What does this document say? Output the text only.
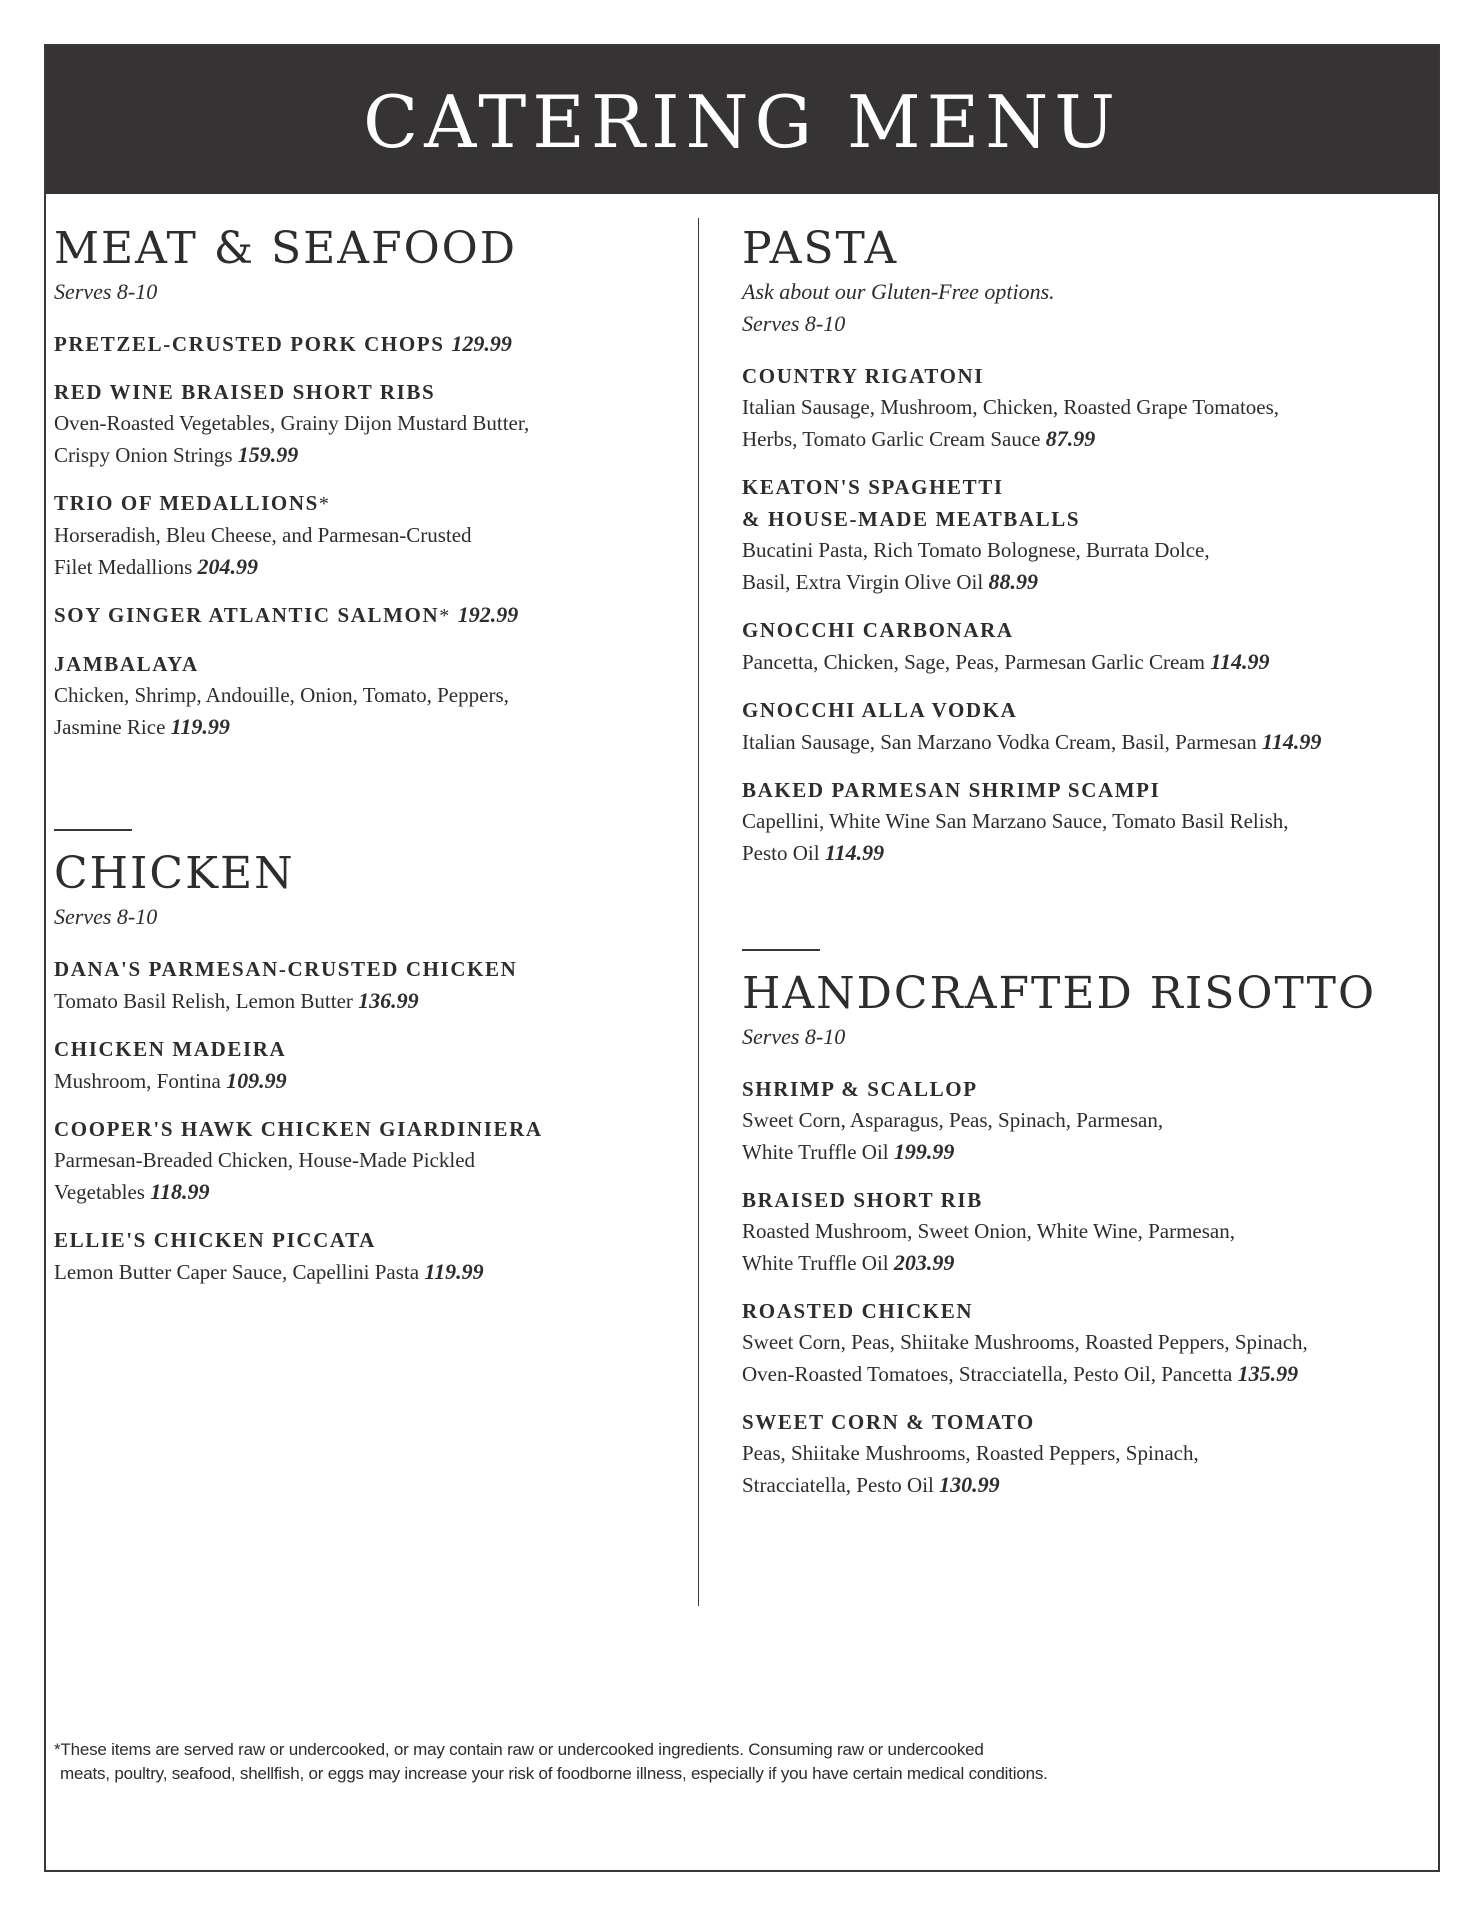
CATERING MENU
MEAT & SEAFOOD

Serves 8-10

PRETZEL-CRUSTED PORK CHOPS 129.99
RED WINE BRAISED SHORT RIBS
Oven-Roasted Vegetables, Grainy Dijon Mustard Butter,
Crispy Onion Strings 159.99
TRIO OF MEDALLIONS*
Horseradish, Bleu Cheese, and Parmesan-Crusted
Filet Medallions 204.99
SOY GINGER ATLANTIC SALMON* 192.99
JAMBALAYA
Chicken, Shrimp, Andouille, Onion, Tomato, Peppers,
Jasmine Rice 119.99
CHICKEN

Serves 8-10

DANA'S PARMESAN-CRUSTED CHICKEN
Tomato Basil Relish, Lemon Butter 136.99
CHICKEN MADEIRA
Mushroom, Fontina 109.99
COOPER'S HAWK CHICKEN GIARDINIERA
Parmesan-Breaded Chicken, House-Made Pickled
Vegetables 118.99
ELLIE'S CHICKEN PICCATA
Lemon Butter Caper Sauce, Capellini Pasta 119.99
PASTA

Ask about our Gluten-Free options.

Serves 8-10

COUNTRY RIGATONI
Italian Sausage, Mushroom, Chicken, Roasted Grape Tomatoes,
Herbs, Tomato Garlic Cream Sauce 87.99
KEATON'S SPAGHETTI
& HOUSE-MADE MEATBALLS
Bucatini Pasta, Rich Tomato Bolognese, Burrata Dolce,
Basil, Extra Virgin Olive Oil 88.99
GNOCCHI CARBONARA
Pancetta, Chicken, Sage, Peas, Parmesan Garlic Cream 114.99
GNOCCHI ALLA VODKA
Italian Sausage, San Marzano Vodka Cream, Basil, Parmesan 114.99
BAKED PARMESAN SHRIMP SCAMPI
Capellini, White Wine San Marzano Sauce, Tomato Basil Relish,
Pesto Oil 114.99
HANDCRAFTED RISOTTO

Serves 8-10

SHRIMP & SCALLOP
Sweet Corn, Asparagus, Peas, Spinach, Parmesan,
White Truffle Oil 199.99
BRAISED SHORT RIB
Roasted Mushroom, Sweet Onion, White Wine, Parmesan,
White Truffle Oil 203.99
ROASTED CHICKEN
Sweet Corn, Peas, Shiitake Mushrooms, Roasted Peppers, Spinach,
Oven-Roasted Tomatoes, Stracciatella, Pesto Oil, Pancetta 135.99
SWEET CORN & TOMATO
Peas, Shiitake Mushrooms, Roasted Peppers, Spinach,
Stracciatella, Pesto Oil 130.99
*These items are served raw or undercooked, or may contain raw or undercooked ingredients. Consuming raw or undercooked
meats, poultry, seafood, shellfish, or eggs may increase your risk of foodborne illness, especially if you have certain medical conditions.
